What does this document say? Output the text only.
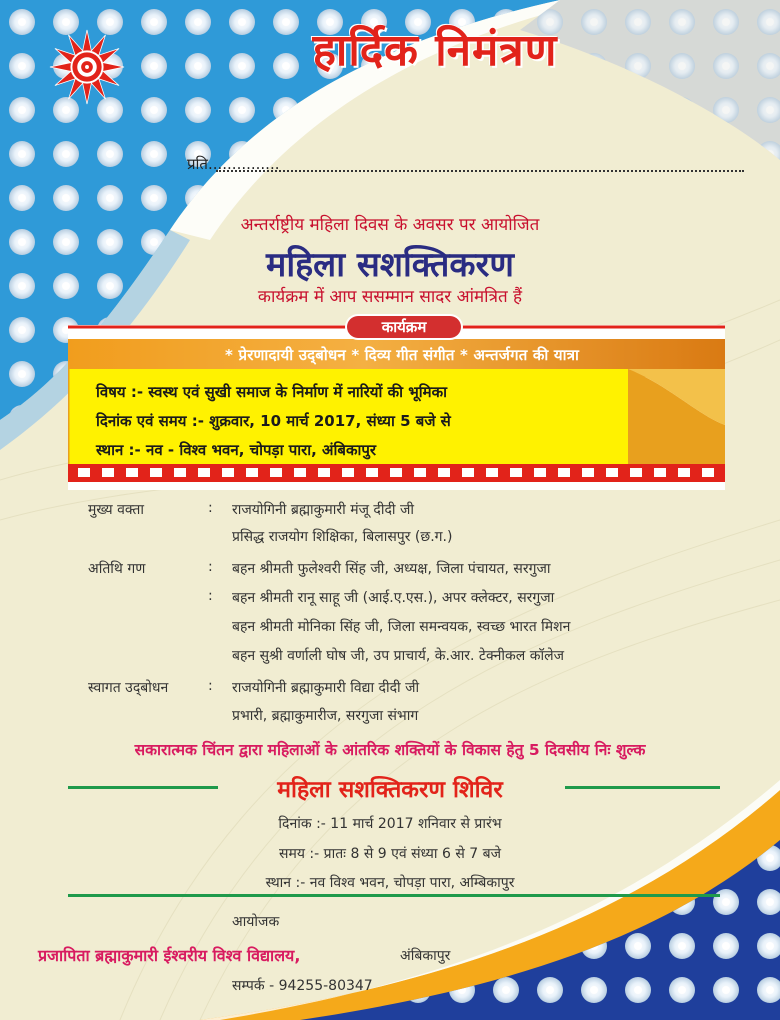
हार्दिक निमंत्रण
प्रति...............
अन्तर्राष्ट्रीय महिला दिवस के अवसर पर आयोजित
महिला सशक्तिकरण
कार्यक्रम में आप ससम्मान सादर आंमत्रित हैं
कार्यक्रम
* प्रेरणादायी उद्‌बोधन * दिव्य गीत संगीत * अन्तर्जगत की यात्रा
विषय :- स्वस्थ एवं सुखी समाज के निर्माण में नारियों की भूमिका
दिनांक एवं समय :- शुक्रवार, 10 मार्च 2017, संध्या 5 बजे से
स्थान :- नव - विश्व भवन, चोपड़ा पारा, अंबिकापुर
मुख्य वक्ता	: राजयोगिनी ब्रह्माकुमारी मंजू दीदी जी
प्रसिद्ध राजयोग शिक्षिका, बिलासपुर (छ.ग.)
अतिथि गण	: बहन श्रीमती फुलेश्वरी सिंह जी, अध्यक्ष, जिला पंचायत, सरगुजा
: बहन श्रीमती रानू साहू जी (आई.ए.एस.), अपर क्लेक्टर, सरगुजा
बहन श्रीमती मोनिका सिंह जी, जिला समन्वयक, स्वच्छ भारत मिशन
बहन सुश्री वर्णाली घोष जी, उप प्राचार्य, के.आर. टेक्नीकल कॉलेज
स्वागत उद्‌बोधन	: राजयोगिनी ब्रह्माकुमारी विद्या दीदी जी
प्रभारी, ब्रह्माकुमारीज, सरगुजा संभाग
सकारात्मक चिंतन द्वारा महिलाओं के आंतरिक शक्तियों के विकास हेतु 5 दिवसीय निः शुल्क
महिला सशक्तिकरण शिविर
दिनांक :- 11 मार्च 2017 शनिवार से प्रारंभ
समय :- प्रातः 8 से 9 एवं संध्या 6 से 7 बजे
स्थान :- नव विश्व भवन, चोपड़ा पारा, अम्बिकापुर
आयोजक
प्रजापिता ब्रह्माकुमारी ईश्वरीय विश्व विद्यालय,	अंबिकापुर
सम्पर्क - 94255-80347
